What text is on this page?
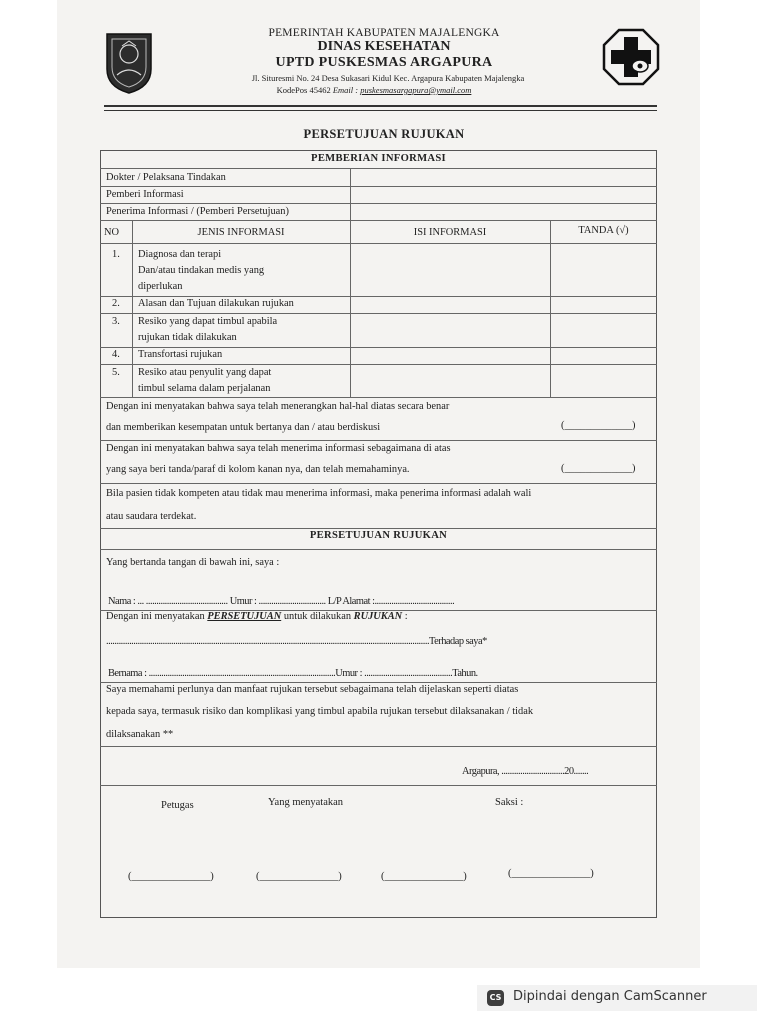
PEMERINTAH KABUPATEN MAJALENGKA
DINAS KESEHATAN
UPTD PUSKESMAS ARGAPURA
Jl. Situresmi No. 24 Desa Sukasari Kidul Kec. Argapura Kabupaten Majalengka
KodePos 45462 Email : puskesmasargapura@ymail.com
PERSETUJUAN RUJUKAN
PEMBERIAN INFORMASI
Dokter / Pelaksana Tindakan
Pemberi Informasi
Penerima Informasi / (Pemberi Persetujuan)
NO	JENIS INFORMASI	ISI INFORMASI	TANDA (√)
1. Diagnosa dan terapi
Dan/atau tindakan medis yang
diperlukan
2. Alasan dan Tujuan dilakukan rujukan
3. Resiko yang dapat timbul apabila
rujukan tidak dilakukan
4. Transfortasi rujukan
5. Resiko atau penyulit yang dapat
timbul selama dalam perjalanan
Dengan ini menyatakan bahwa saya telah menerangkan hal-hal diatas secara benar
dan memberikan kesempatan untuk bertanya dan / atau berdiskusi	(_____________)
Dengan ini menyatakan bahwa saya telah menerima informasi sebagaimana di atas
yang saya beri tanda/paraf di kolom kanan nya, dan telah memahaminya.	(_____________)
Bila pasien tidak kompeten atau tidak mau menerima informasi, maka penerima informasi adalah wali
atau saudara terdekat.
PERSETUJUAN RUJUKAN
Yang bertanda tangan di bawah ini, saya :
Nama : ... ....................................... Umur : ................................ L/P Alamat :......................................
Dengan ini menyatakan PERSETUJUAN untuk dilakukan RUJUKAN :
..........................................................................................................................................................Terhadap saya*
Bernama : .........................................................................................Umur : ..........................................Tahun.
Saya memahami perlunya dan manfaat rujukan tersebut sebagaimana telah dijelaskan seperti diatas
kepada saya, termasuk risiko dan komplikasi yang timbul apabila rujukan tersebut dilaksanakan / tidak
dilaksanakan **
Argapura, ..............................20.......
Petugas	Yang menyatakan	Saksi :
(_______________)	(_______________)	(_______________)	(_______________)
CS Dipindai dengan CamScanner
